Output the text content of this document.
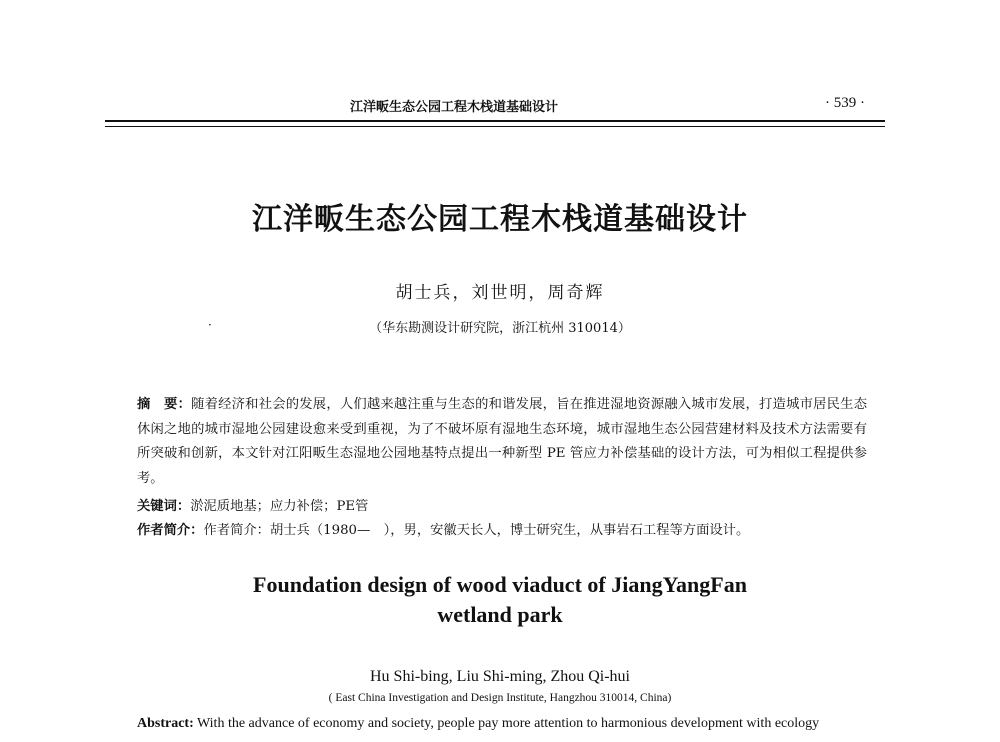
江洋畈生态公园工程木栈道基础设计	· 539 ·
江洋畈生态公园工程木栈道基础设计
胡士兵，刘世明，周奇辉
·	（华东勘测设计研究院，浙江杭州 310014）
摘　要：随着经济和社会的发展，人们越来越注重与生态的和谐发展，旨在推进湿地资源融入城市发展，打造城市居民生态休闲之地的城市湿地公园建设愈来受到重视，为了不破坏原有湿地生态环境，城市湿地生态公园营建材料及技术方法需要有所突破和创新，本文针对江阳畈生态湿地公园地基特点提出一种新型 PE 管应力补偿基础的设计方法，可为相似工程提供参考。
关键词：淤泥质地基；应力补偿；PE管
作者简介：作者简介：胡士兵（1980—　），男，安徽天长人，博士研究生，从事岩石工程等方面设计。
Foundation design of wood viaduct of JiangYangFan
wetland park
Hu Shi-bing, Liu Shi-ming, Zhou Qi-hui
( East China Investigation and Design Institute, Hangzhou 310014, China)
Abstract: With the advance of economy and society, people pay more attention to harmonious development with ecology
